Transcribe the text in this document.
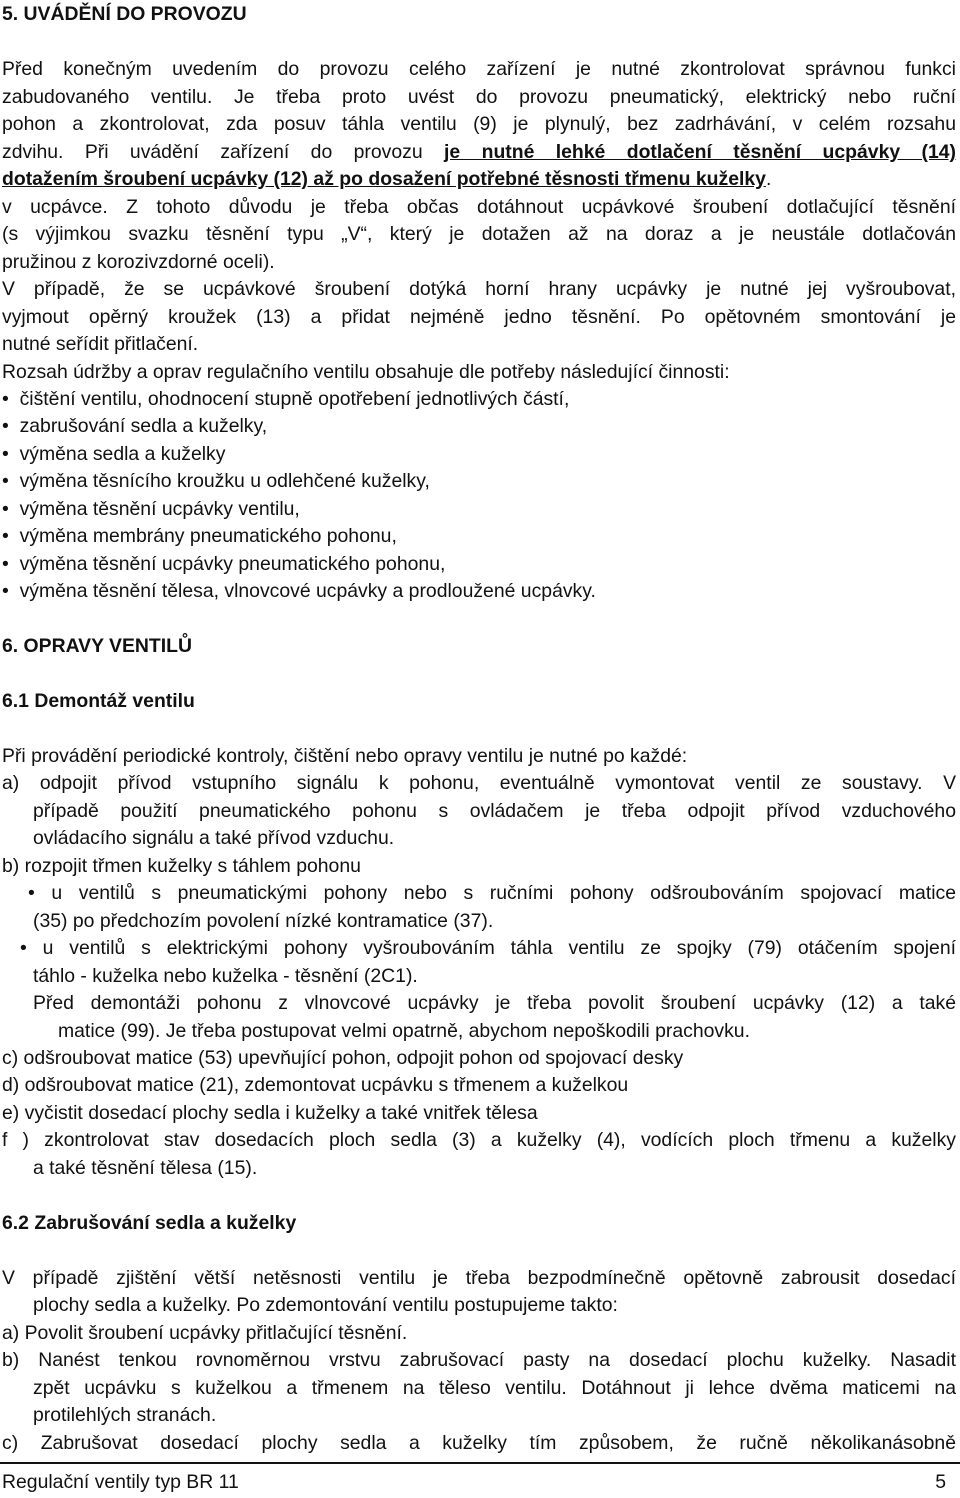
5. UVÁDĚNÍ DO PROVOZU
Před konečným uvedením do provozu celého zařízení je nutné zkontrolovat správnou funkci
zabudovaného ventilu. Je třeba proto uvést do provozu pneumatický, elektrický nebo ruční
pohon a zkontrolovat, zda posuv táhla ventilu (9) je plynulý, bez zadrhávání, v celém rozsahu
zdvihu. Při uvádění zařízení do provozu je nutné lehké dotlačení těsnění ucpávky (14)
dotažením šroubení ucpávky (12) až po dosažení potřebné těsnosti třmenu kuželky.
v ucpávce. Z tohoto důvodu je třeba občas dotáhnout ucpávkové šroubení dotlačující těsnění
(s výjimkou svazku těsnění typu „V“, který je dotažen až na doraz a je neustále dotlačován
pružinou z korozivzdorné oceli).
V případě, že se ucpávkové šroubení dotýká horní hrany ucpávky je nutné jej vyšroubovat,
vyjmout opěrný kroužek (13) a přidat nejméně jedno těsnění. Po opětovném smontování je
nutné seřídit přitlačení.
Rozsah údržby a oprav regulačního ventilu obsahuje dle potřeby následující činnosti:
•  čištění ventilu, ohodnocení stupně opotřebení jednotlivých částí,
•  zabrušování sedla a kuželky,
•  výměna sedla a kuželky
•  výměna těsnícího kroužku u odlehčené kuželky,
•  výměna těsnění ucpávky ventilu,
•  výměna membrány pneumatického pohonu,
•  výměna těsnění ucpávky pneumatického pohonu,
•  výměna těsnění tělesa, vlnovcové ucpávky a prodloužené ucpávky.
6. OPRAVY VENTILŮ
6.1 Demontáž ventilu
Při provádění periodické kontroly, čištění nebo opravy ventilu je nutné po každé:
a) odpojit přívod vstupního signálu k pohonu, eventuálně vymontovat ventil ze soustavy. V
případě použití pneumatického pohonu s ovládačem je třeba odpojit přívod vzduchového
ovládacího signálu a také přívod vzduchu.
b) rozpojit třmen kuželky s táhlem pohonu
• u ventilů s pneumatickými pohony nebo s ručními pohony odšroubováním spojovací matice
(35) po předchozím povolení nízké kontramatice (37).
• u ventilů s elektrickými pohony vyšroubováním táhla ventilu ze spojky (79) otáčením spojení
táhlo - kuželka nebo kuželka - těsnění (2C1).
Před demontáži pohonu z vlnovcové ucpávky je třeba povolit šroubení ucpávky (12) a také
matice (99). Je třeba postupovat velmi opatrně, abychom nepoškodili prachovku.
c) odšroubovat matice (53) upevňující pohon, odpojit pohon od spojovací desky
d) odšroubovat matice (21), zdemontovat ucpávku s třmenem a kuželkou
e) vyčistit dosedací plochy sedla i kuželky a také vnitřek tělesa
f ) zkontrolovat stav dosedacích ploch sedla (3) a kuželky (4), vodících ploch třmenu a kuželky
a také těsnění tělesa (15).
6.2 Zabrušování sedla a kuželky
V případě zjištění větší netěsnosti ventilu je třeba bezpodmínečně opětovně zabrousit dosedací
plochy sedla a kuželky. Po zdemontování ventilu postupujeme takto:
a) Povolit šroubení ucpávky přitlačující těsnění.
b) Nanést tenkou rovnoměrnou vrstvu zabrušovací pasty na dosedací plochu kuželky. Nasadit
zpět ucpávku s kuželkou a třmenem na těleso ventilu. Dotáhnout ji lehce dvěma maticemi na
protilehlých stranách.
c) Zabrušovat dosedací plochy sedla a kuželky tím způsobem, že ručně několikanásobně
Regulační ventily typ BR 11	5
